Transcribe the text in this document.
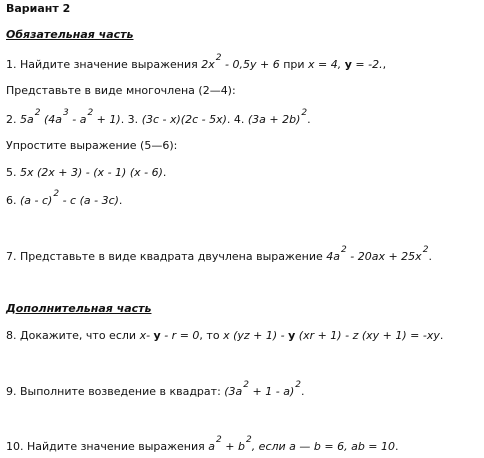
Вариант 2
Обязательная часть
1. Найдите значение выражения $2x^2 - 0,5y + 6$ при x = 4, y = -2.,
Представьте в виде многочлена (2—4):
2. $5a^2$ $(4a^3 - a^2 + 1)$. 3. (3c - x)(2c - 5x). 4. $(3a + 2b)^2$.
Упростите выражение (5—6):
5. 5x (2x + 3) - (x - 1) (x - 6).
6. (a - c)$^2$ - c (a - 3c).
7. Представьте в виде квадрата двучлена выражение $4a^2 - 20ax + 25x^2$.
Дополнительная часть
8. Докажите, что если x- y - r = 0, то x (yz + 1) - y (xr + 1) - z (xy + 1) = -xy.
9. Выполните возведение в квадрат: $(3a^2 + 1 - a)^2$.
10. Найдите значение выражения $a^2 + b^2$, если a — b = 6, ab = 10.
